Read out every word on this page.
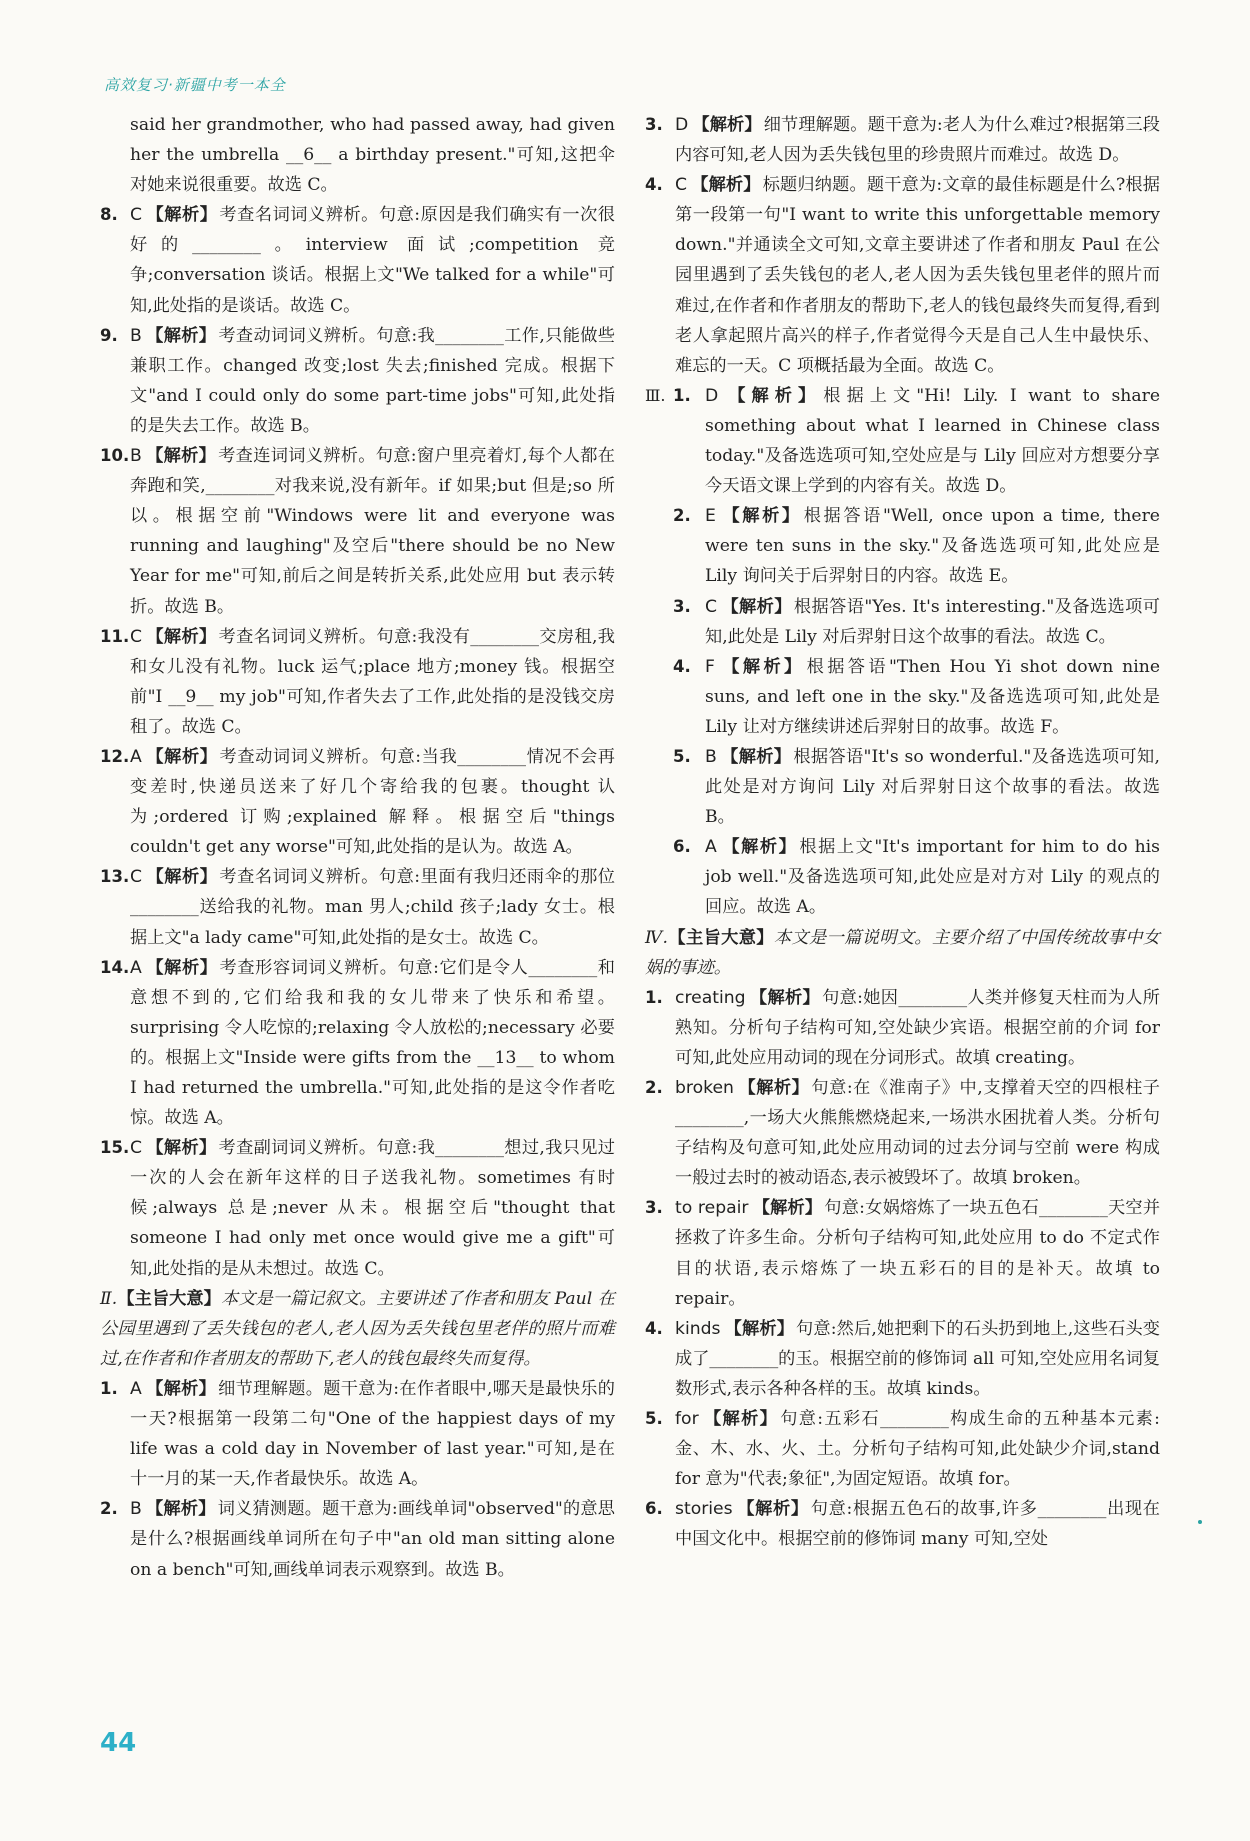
高效复习·新疆中考一本全

said her grandmother, who had passed away, had given her the umbrella __6__ a birthday present."可知,这把伞对她来说很重要。故选 C。

8. C 【解析】 考查名词词义辨析。句意:原因是我们确实有一次很好的________。interview 面试;competition 竞争;conversation 谈话。根据上文"We talked for a while"可知,此处指的是谈话。故选 C。
9. B 【解析】 考查动词词义辨析。句意:我________工作,只能做些兼职工作。changed 改变;lost 失去;finished 完成。根据下文"and I could only do some part-time jobs"可知,此处指的是失去工作。故选 B。
10. B 【解析】 考查连词词义辨析。句意:窗户里亮着灯,每个人都在奔跑和笑,________对我来说,没有新年。if 如果;but 但是;so 所以。根据空前"Windows were lit and everyone was running and laughing"及空后"there should be no New Year for me"可知,前后之间是转折关系,此处应用 but 表示转折。故选 B。
11. C 【解析】 考查名词词义辨析。句意:我没有________交房租,我和女儿没有礼物。luck 运气;place 地方;money 钱。根据空前"I __9__ my job"可知,作者失去了工作,此处指的是没钱交房租了。故选 C。
12. A 【解析】 考查动词词义辨析。句意:当我________情况不会再变差时,快递员送来了好几个寄给我的包裹。thought 认为;ordered 订购;explained 解释。根据空后"things couldn't get any worse"可知,此处指的是认为。故选 A。
13. C 【解析】 考查名词词义辨析。句意:里面有我归还雨伞的那位________送给我的礼物。man 男人;child 孩子;lady 女士。根据上文"a lady came"可知,此处指的是女士。故选 C。
14. A 【解析】 考查形容词词义辨析。句意:它们是令人________和意想不到的,它们给我和我的女儿带来了快乐和希望。surprising 令人吃惊的;relaxing 令人放松的;necessary 必要的。根据上文"Inside were gifts from the __13__ to whom I had returned the umbrella."可知,此处指的是这令作者吃惊。故选 A。
15. C 【解析】 考查副词词义辨析。句意:我________想过,我只见过一次的人会在新年这样的日子送我礼物。sometimes 有时候;always 总是;never 从未。根据空后"thought that someone I had only met once would give me a gift"可知,此处指的是从未想过。故选 C。
Ⅱ.【主旨大意】本文是一篇记叙文。主要讲述了作者和朋友 Paul 在公园里遇到了丢失钱包的老人,老人因为丢失钱包里老伴的照片而难过,在作者和作者朋友的帮助下,老人的钱包最终失而复得。
1. A 【解析】 细节理解题。题干意为:在作者眼中,哪天是最快乐的一天?根据第一段第二句"One of the happiest days of my life was a cold day in November of last year."可知,是在十一月的某一天,作者最快乐。故选 A。
2. B 【解析】 词义猜测题。题干意为:画线单词"observed"的意思是什么?根据画线单词所在句子中"an old man sitting alone on a bench"可知,画线单词表示观察到。故选 B。
3. D 【解析】 细节理解题。题干意为:老人为什么难过?根据第三段内容可知,老人因为丢失钱包里的珍贵照片而难过。故选 D。
4. C 【解析】 标题归纳题。题干意为:文章的最佳标题是什么?根据第一段第一句"I want to write this unforgettable memory down."并通读全文可知,文章主要讲述了作者和朋友 Paul 在公园里遇到了丢失钱包的老人,老人因为丢失钱包里老伴的照片而难过,在作者和作者朋友的帮助下,老人的钱包最终失而复得,看到老人拿起照片高兴的样子,作者觉得今天是自己人生中最快乐、难忘的一天。C 项概括最为全面。故选 C。
Ⅲ. 1. D 【解析】 根据上文"Hi! Lily. I want to share something about what I learned in Chinese class today."及备选选项可知,空处应是与 Lily 回应对方想要分享今天语文课上学到的内容有关。故选 D。
2. E 【解析】 根据答语"Well, once upon a time, there were ten suns in the sky."及备选选项可知,此处应是 Lily 询问关于后羿射日的内容。故选 E。
3. C 【解析】 根据答语"Yes. It's interesting."及备选选项可知,此处是 Lily 对后羿射日这个故事的看法。故选 C。
4. F 【解析】 根据答语"Then Hou Yi shot down nine suns, and left one in the sky."及备选选项可知,此处是 Lily 让对方继续讲述后羿射日的故事。故选 F。
5. B 【解析】 根据答语"It's so wonderful."及备选选项可知,此处是对方询问 Lily 对后羿射日这个故事的看法。故选 B。
6. A 【解析】 根据上文"It's important for him to do his job well."及备选选项可知,此处应是对方对 Lily 的观点的回应。故选 A。
Ⅳ.【主旨大意】本文是一篇说明文。主要介绍了中国传统故事中女娲的事迹。
1. creating 【解析】 句意:她因________人类并修复天柱而为人所熟知。分析句子结构可知,空处缺少宾语。根据空前的介词 for 可知,此处应用动词的现在分词形式。故填 creating。
2. broken 【解析】 句意:在《淮南子》中,支撑着天空的四根柱子________,一场大火熊熊燃烧起来,一场洪水困扰着人类。分析句子结构及句意可知,此处应用动词的过去分词与空前 were 构成一般过去时的被动语态,表示被毁坏了。故填 broken。
3. to repair 【解析】 句意:女娲熔炼了一块五色石________天空并拯救了许多生命。分析句子结构可知,此处应用 to do 不定式作目的状语,表示熔炼了一块五彩石的目的是补天。故填 to repair。
4. kinds 【解析】 句意:然后,她把剩下的石头扔到地上,这些石头变成了________的玉。根据空前的修饰词 all 可知,空处应用名词复数形式,表示各种各样的玉。故填 kinds。
5. for 【解析】 句意:五彩石________构成生命的五种基本元素:金、木、水、火、土。分析句子结构可知,此处缺少介词,stand for 意为"代表;象征",为固定短语。故填 for。
6. stories 【解析】 句意:根据五色石的故事,许多________出现在中国文化中。根据空前的修饰词 many 可知,空处
44
